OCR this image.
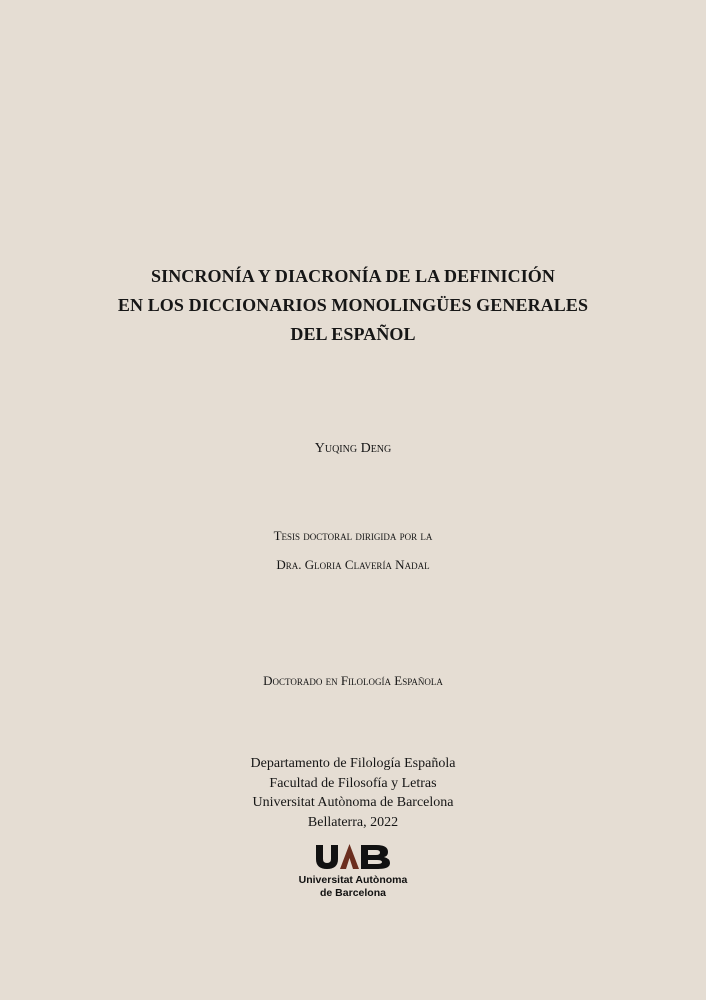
SINCRONÍA Y DIACRONÍA DE LA DEFINICIÓN
EN LOS DICCIONARIOS MONOLINGÜES GENERALES
DEL ESPAÑOL
Yuqing Deng
Tesis doctoral dirigida por la
Dra. Gloria Clavería Nadal
Doctorado en Filología Española
Departamento de Filología Española
Facultad de Filosofía y Letras
Universitat Autònoma de Barcelona
Bellaterra, 2022
Universitat Autònoma
de Barcelona
